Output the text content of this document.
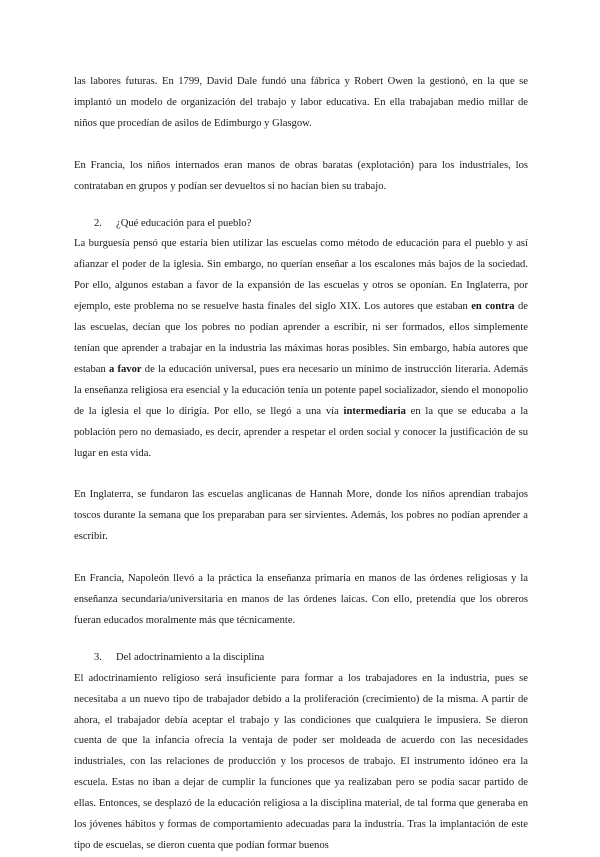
las labores futuras. En 1799, David Dale fundó una fábrica y Robert Owen la gestionó, en la que se implantó un modelo de organización del trabajo y labor educativa. En ella trabajaban medio millar de niños que procedían de asilos de Edimburgo y Glasgow.

En Francia, los niños internados eran manos de obras baratas (explotación) para los industriales, los contrataban en grupos y podían ser devueltos si no hacían bien su trabajo.

2.	¿Qué educación para el pueblo?

La burguesía pensó que estaría bien utilizar las escuelas como método de educación para el pueblo y así afianzar el poder de la iglesia. Sin embargo, no querían enseñar a los escalones más bajos de la sociedad. Por ello, algunos estaban a favor de la expansión de las escuelas y otros se oponían. En Inglaterra, por ejemplo, este problema no se resuelve hasta finales del siglo XIX. Los autores que estaban en contra de las escuelas, decían que los pobres no podían aprender a escribir, ni ser formados, ellos simplemente tenían que aprender a trabajar en la industria las máximas horas posibles. Sin embargo, había autores que estaban a favor de la educación universal, pues era necesario un mínimo de instrucción literaria. Además la enseñanza religiosa era esencial y la educación tenía un potente papel socializador, siendo el monopolio de la iglesia el que lo dirigía. Por ello, se llegó a una vía intermediaria en la que se educaba a la población pero no demasiado, es decir, aprender a respetar el orden social y conocer la justificación de su lugar en esta vida.

En Inglaterra, se fundaron las escuelas anglicanas de Hannah More, donde los niños aprendían trabajos toscos durante la semana que los preparaban para ser sirvientes. Además, los pobres no podían aprender a escribir.

En Francia, Napoleón llevó a la práctica la enseñanza primaria en manos de las órdenes religiosas y la enseñanza secundaria/universitaria en manos de las órdenes laicas. Con ello, pretendía que los obreros fueran educados moralmente más que técnicamente.

3.	Del adoctrinamiento a la disciplina

El adoctrinamiento religioso será insuficiente para formar a los trabajadores en la industria, pues se necesitaba a un nuevo tipo de trabajador debido a la proliferación (crecimiento) de la misma. A partir de ahora, el trabajador debía aceptar el trabajo y las condiciones que cualquiera le impusiera. Se dieron cuenta de que la infancia ofrecía la ventaja de poder ser moldeada de acuerdo con las necesidades industriales, con las relaciones de producción y los procesos de trabajo. El instrumento idóneo era la escuela. Estas no iban a dejar de cumplir la funciones que ya realizaban pero se podía sacar partido de ellas. Entonces, se desplazó de la educación religiosa a la disciplina material, de tal forma que generaba en los jóvenes hábitos y formas de comportamiento adecuadas para la industria. Tras la implantación de este tipo de escuelas, se dieron cuenta que podían formar buenos
